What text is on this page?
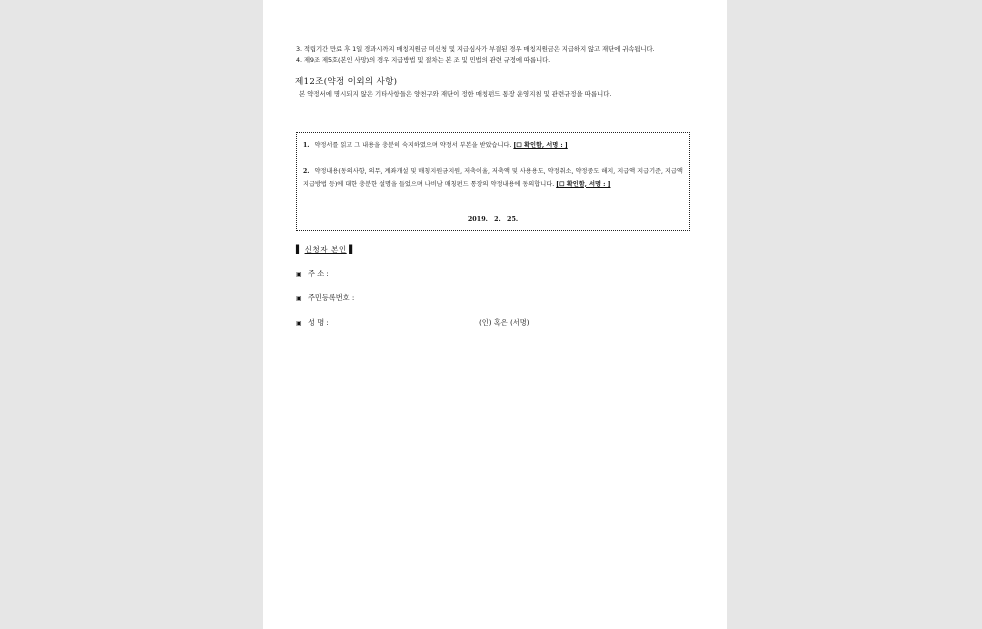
3. 적립기간 만료 후 1일 경과시까지 매칭지원금 미신청 및 지급심사가 부결된 경우 매칭지원금은 지급하지 않고 재단에 귀속됩니다.

4. 제9조 제5호(본인 사망)의 경우 지급방법 및 절차는 본 조 및 민법의 관련 규정에 따릅니다.

제12조(약정 이외의 사항)
본 약정서에 명시되지 않은 기타사항들은 양천구와 재단이 정한 매칭펀드 통장 운영지침 및 관련규정을 따릅니다.
1. 약정서를 읽고 그 내용을 충분히 숙지하였으며 약정서 부본을 받았습니다. [☐ 확인함, 서명 : ]
2. 약정내용(동의사항, 의무, 계좌개설 및 매칭지원금지원, 저축이율, 저축액 및 사용용도, 약정취소, 약정중도 해지, 지급액 지급기준, 지급액 지급방법 등)에 대한 충분한 설명을 들었으며 나비남 매칭펀드 통장의 약정내용에 동의합니다. [☐ 확인함, 서명 : ]
2019. 2. 25.
▌ 신청자 본인 ▌
▣ 주 소 :
▣ 주민등록번호 :
▣ 성 명 :	(인) 혹은 (서명)
